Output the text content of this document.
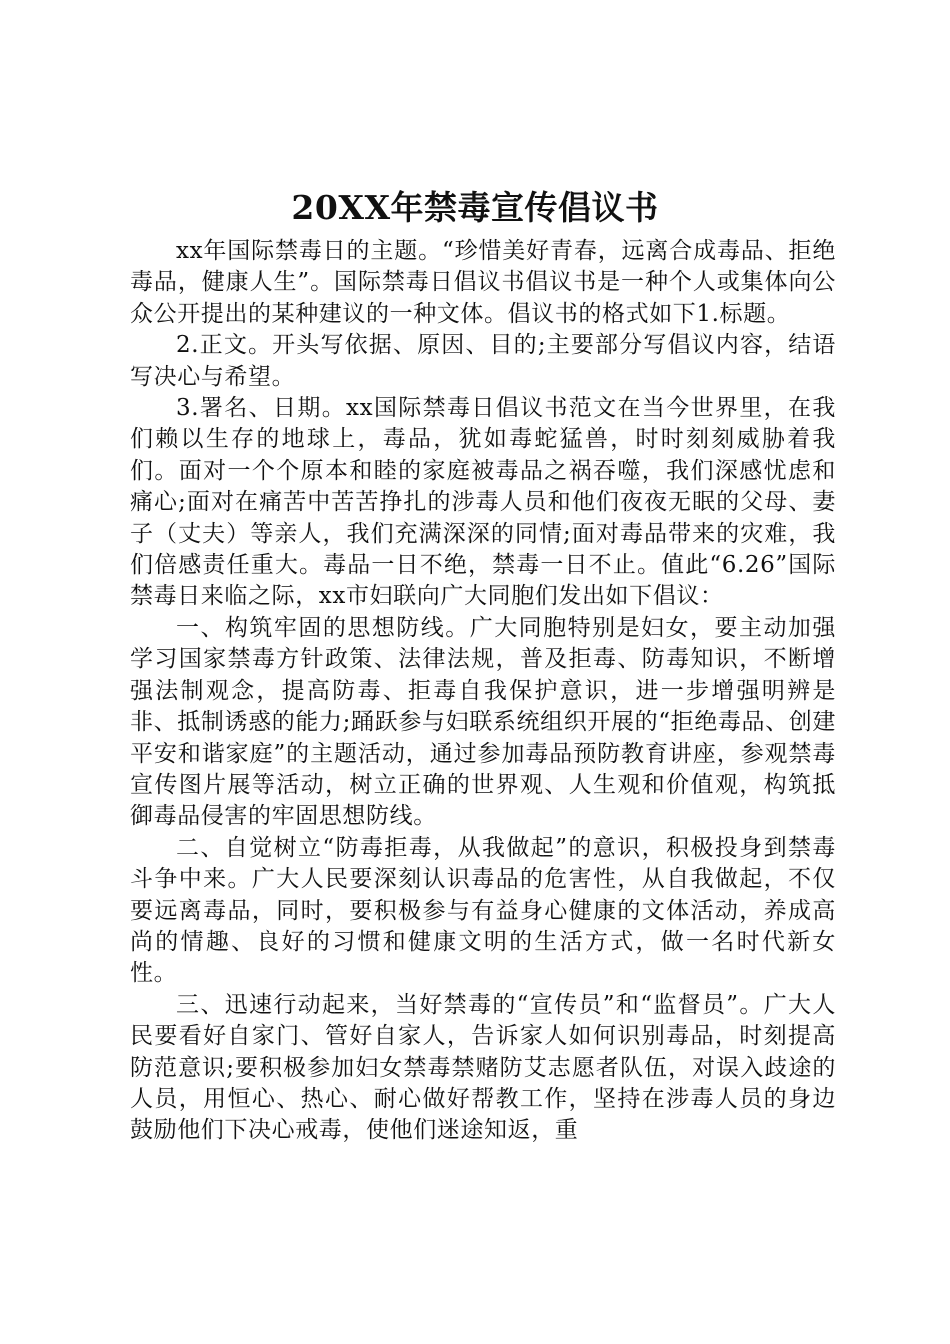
20XX年禁毒宣传倡议书

xx年国际禁毒日的主题。“珍惜美好青春，远离合成毒品、拒绝毒品，健康人生”。国际禁毒日倡议书倡议书是一种个人或集体向公众公开提出的某种建议的一种文体。倡议书的格式如下1.标题。

2.正文。开头写依据、原因、目的;主要部分写倡议内容，结语写决心与希望。

3.署名、日期。xx国际禁毒日倡议书范文在当今世界里，在我们赖以生存的地球上，毒品，犹如毒蛇猛兽，时时刻刻威胁着我们。面对一个个原本和睦的家庭被毒品之祸吞噬，我们深感忧虑和痛心;面对在痛苦中苦苦挣扎的涉毒人员和他们夜夜无眠的父母、妻子（丈夫）等亲人，我们充满深深的同情;面对毒品带来的灾难，我们倍感责任重大。毒品一日不绝，禁毒一日不止。值此“6.26”国际禁毒日来临之际，xx市妇联向广大同胞们发出如下倡议：

一、构筑牢固的思想防线。广大同胞特别是妇女，要主动加强学习国家禁毒方针政策、法律法规，普及拒毒、防毒知识，不断增强法制观念，提高防毒、拒毒自我保护意识，进一步增强明辨是非、抵制诱惑的能力;踊跃参与妇联系统组织开展的“拒绝毒品、创建平安和谐家庭”的主题活动，通过参加毒品预防教育讲座，参观禁毒宣传图片展等活动，树立正确的世界观、人生观和价值观，构筑抵御毒品侵害的牢固思想防线。

二、自觉树立“防毒拒毒，从我做起”的意识，积极投身到禁毒斗争中来。广大人民要深刻认识毒品的危害性，从自我做起，不仅要远离毒品，同时，要积极参与有益身心健康的文体活动，养成高尚的情趣、良好的习惯和健康文明的生活方式，做一名时代新女性。

三、迅速行动起来，当好禁毒的“宣传员”和“监督员”。广大人民要看好自家门、管好自家人，告诉家人如何识别毒品，时刻提高防范意识;要积极参加妇女禁毒禁赌防艾志愿者队伍，对误入歧途的人员，用恒心、热心、耐心做好帮教工作，坚持在涉毒人员的身边鼓励他们下决心戒毒，使他们迷途知返，重
